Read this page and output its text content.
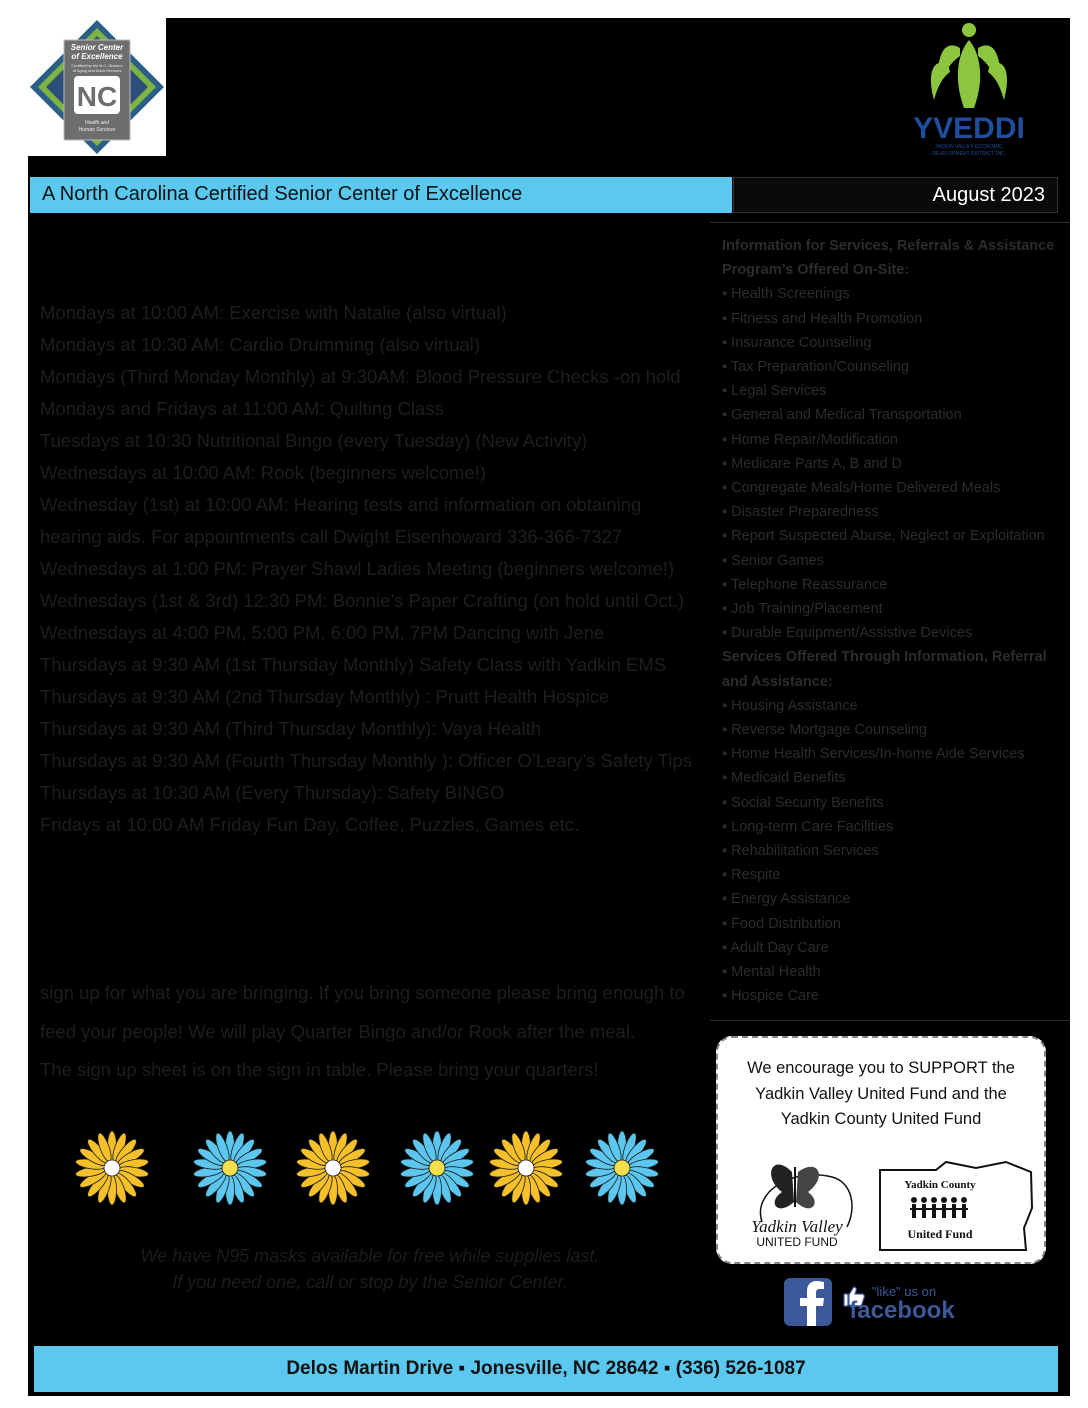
Senior Center
of Excellence
Certified by the N.C. Division
of Aging and Adult Services
NC
Health and
Human Services	YVEDDI
YADKIN VALLEY ECONOMIC
DEVELOPMENT DISTRICT, INC.
A North Carolina Certified Senior Center of Excellence	August 2023
Mondays at 10:00 AM: Exercise with Natalie (also virtual)
Mondays at 10:30 AM: Cardio Drumming (also virtual)
Mondays (Third Monday Monthly) at 9:30AM: Blood Pressure Checks -on hold
Mondays and Fridays at 11:00 AM: Quilting Class
Tuesdays at 10:30 Nutritional Bingo (every Tuesday) (New Activity)
Wednesdays at 10:00 AM: Rook (beginners welcome!)
Wednesday (1st) at 10:00 AM: Hearing tests and information on obtaining
hearing aids. For appointments call Dwight Eisenhoward 336-366-7327
Wednesdays at 1:00 PM: Prayer Shawl Ladies Meeting (beginners welcome!)
Wednesdays (1st & 3rd) 12:30 PM: Bonnie’s Paper Crafting (on hold until Oct.)
Wednesdays at 4:00 PM, 5:00 PM, 6:00 PM, 7PM Dancing with Jene
Thursdays at 9:30 AM (1st Thursday Monthly) Safety Class with Yadkin EMS
Thursdays at 9:30 AM (2nd Thursday Monthly) : Pruitt Health Hospice
Thursdays at 9:30 AM (Third Thursday Monthly): Vaya Health
Thursdays at 9:30 AM (Fourth Thursday Monthly ): Officer O’Leary’s Safety Tips
Thursdays at 10:30 AM (Every Thursday): Safety BINGO
Fridays at 10:00 AM Friday Fun Day, Coffee, Puzzles, Games etc.
sign up for what you are bringing. If you bring someone please bring enough to
feed your people! We will play Quarter Bingo and/or Rook after the meal.
The sign up sheet is on the sign in table. Please bring your quarters!
We have N95 masks available for free while supplies last.
If you need one, call or stop by the Senior Center.
Information for Services, Referrals & Assistance
Program’s Offered On-Site:
▪ Health Screenings
▪ Fitness and Health Promotion
▪ Insurance Counseling
▪ Tax Preparation/Counseling
▪ Legal Services
▪ General and Medical Transportation
▪ Home Repair/Modification
▪ Medicare Parts A, B and D
▪ Congregate Meals/Home Delivered Meals
▪ Disaster Preparedness
▪ Report Suspected Abuse, Neglect or Exploitation
▪ Senior Games
▪ Telephone Reassurance
▪ Job Training/Placement
▪ Durable Equipment/Assistive Devices
Services Offered Through Information, Referral
and Assistance:
▪ Housing Assistance
▪ Reverse Mortgage Counseling
▪ Home Health Services/In-home Aide Services
▪ Medicaid Benefits
▪ Social Security Benefits
▪ Long-term Care Facilities
▪ Rehabilitation Services
▪ Respite
▪ Energy Assistance
▪ Food Distribution
▪ Adult Day Care
▪ Mental Health
▪ Hospice Care
We encourage you to SUPPORT the
Yadkin Valley United Fund and the
Yadkin County United Fund
Yadkin Valley
UNITED FUND
Yadkin County
United Fund
"like" us on
facebook
Delos Martin Drive ▪ Jonesville, NC 28642 ▪ (336) 526-1087
